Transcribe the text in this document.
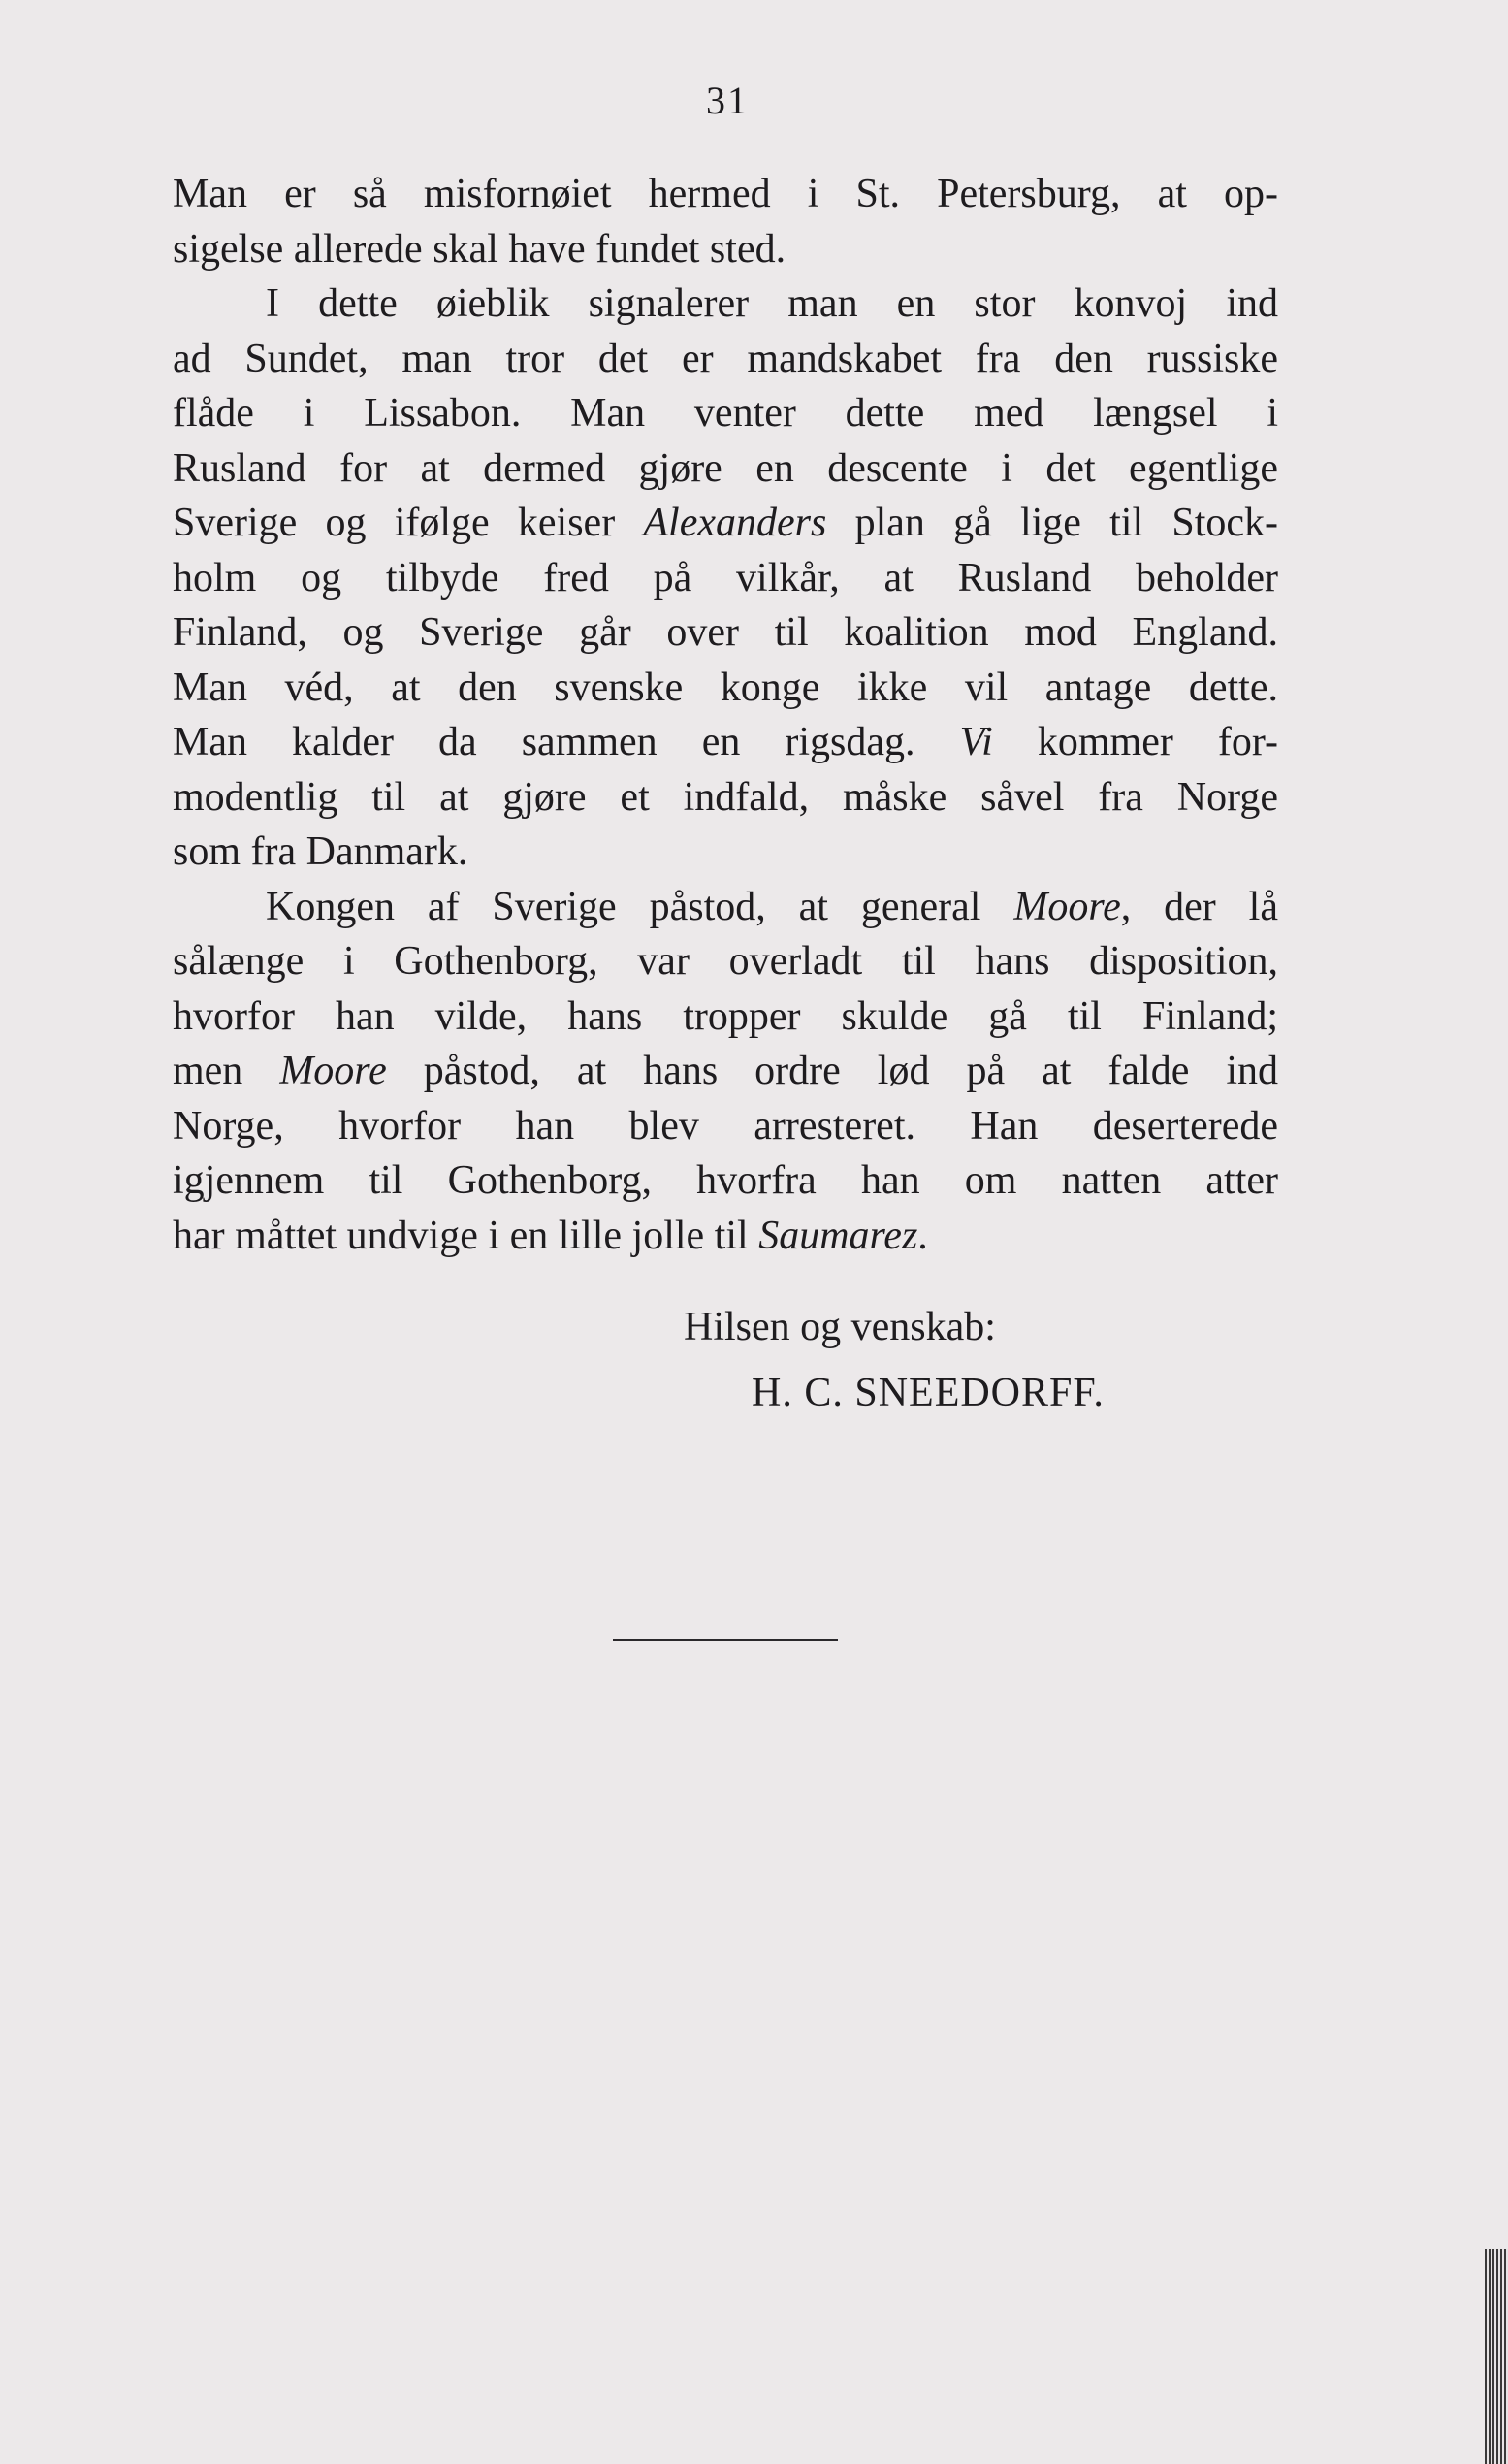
31
Man er så misfornøiet hermed i St. Petersburg, at op-
sigelse allerede skal have fundet sted.
I dette øieblik signalerer man en stor konvoj ind
ad Sundet, man tror det er mandskabet fra den russiske
flåde i Lissabon. Man venter dette med længsel i
Rusland for at dermed gjøre en descente i det egentlige
Sverige og ifølge keiser Alexanders plan gå lige til Stock-
holm og tilbyde fred på vilkår, at Rusland beholder
Finland, og Sverige går over til koalition mod England.
Man véd, at den svenske konge ikke vil antage dette.
Man kalder da sammen en rigsdag. Vi kommer for-
modentlig til at gjøre et indfald, måske såvel fra Norge
som fra Danmark.
Kongen af Sverige påstod, at general Moore, der lå
sålænge i Gothenborg, var overladt til hans disposition,
hvorfor han vilde, hans tropper skulde gå til Finland;
men Moore påstod, at hans ordre lød på at falde ind
Norge, hvorfor han blev arresteret. Han deserterede
igjennem til Gothenborg, hvorfra han om natten atter
har måttet undvige i en lille jolle til Saumarez.
Hilsen og venskab:
H. C. SNEEDORFF.
